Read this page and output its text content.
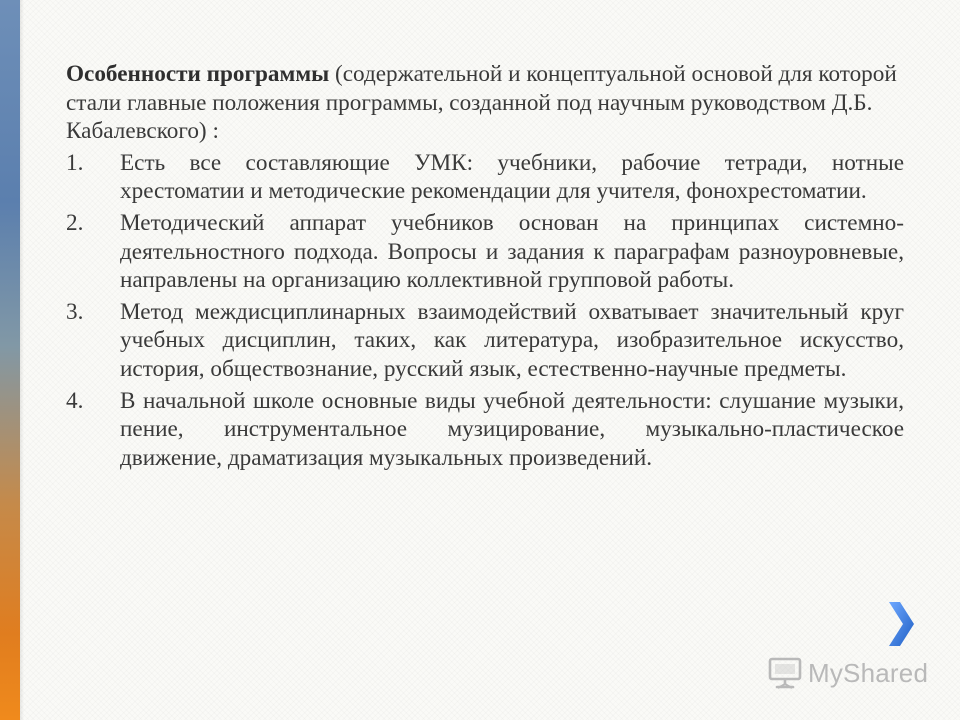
Особенности программы (содержательной и концептуальной основой для которой стали главные положения программы, созданной под научным руководством Д.Б. Кабалевского) :

1.	Есть все составляющие УМК: учебники, рабочие тетради, нотные хрестоматии и методические рекомендации для учителя, фонохрестоматии.
2.	Методический аппарат учебников основан на принципах системно-деятельностного подхода. Вопросы и задания к параграфам разноуровневые, направлены на организацию коллективной групповой работы.
3.	Метод междисциплинарных взаимодействий охватывает значительный круг учебных дисциплин, таких, как литература, изобразительное искусство, история, обществознание, русский язык, естественно-научные предметы.
4.	В начальной школе основные виды учебной деятельности: слушание музыки, пение, инструментальное музицирование, музыкально-пластическое движение, драматизация музыкальных произведений.
MyShared
